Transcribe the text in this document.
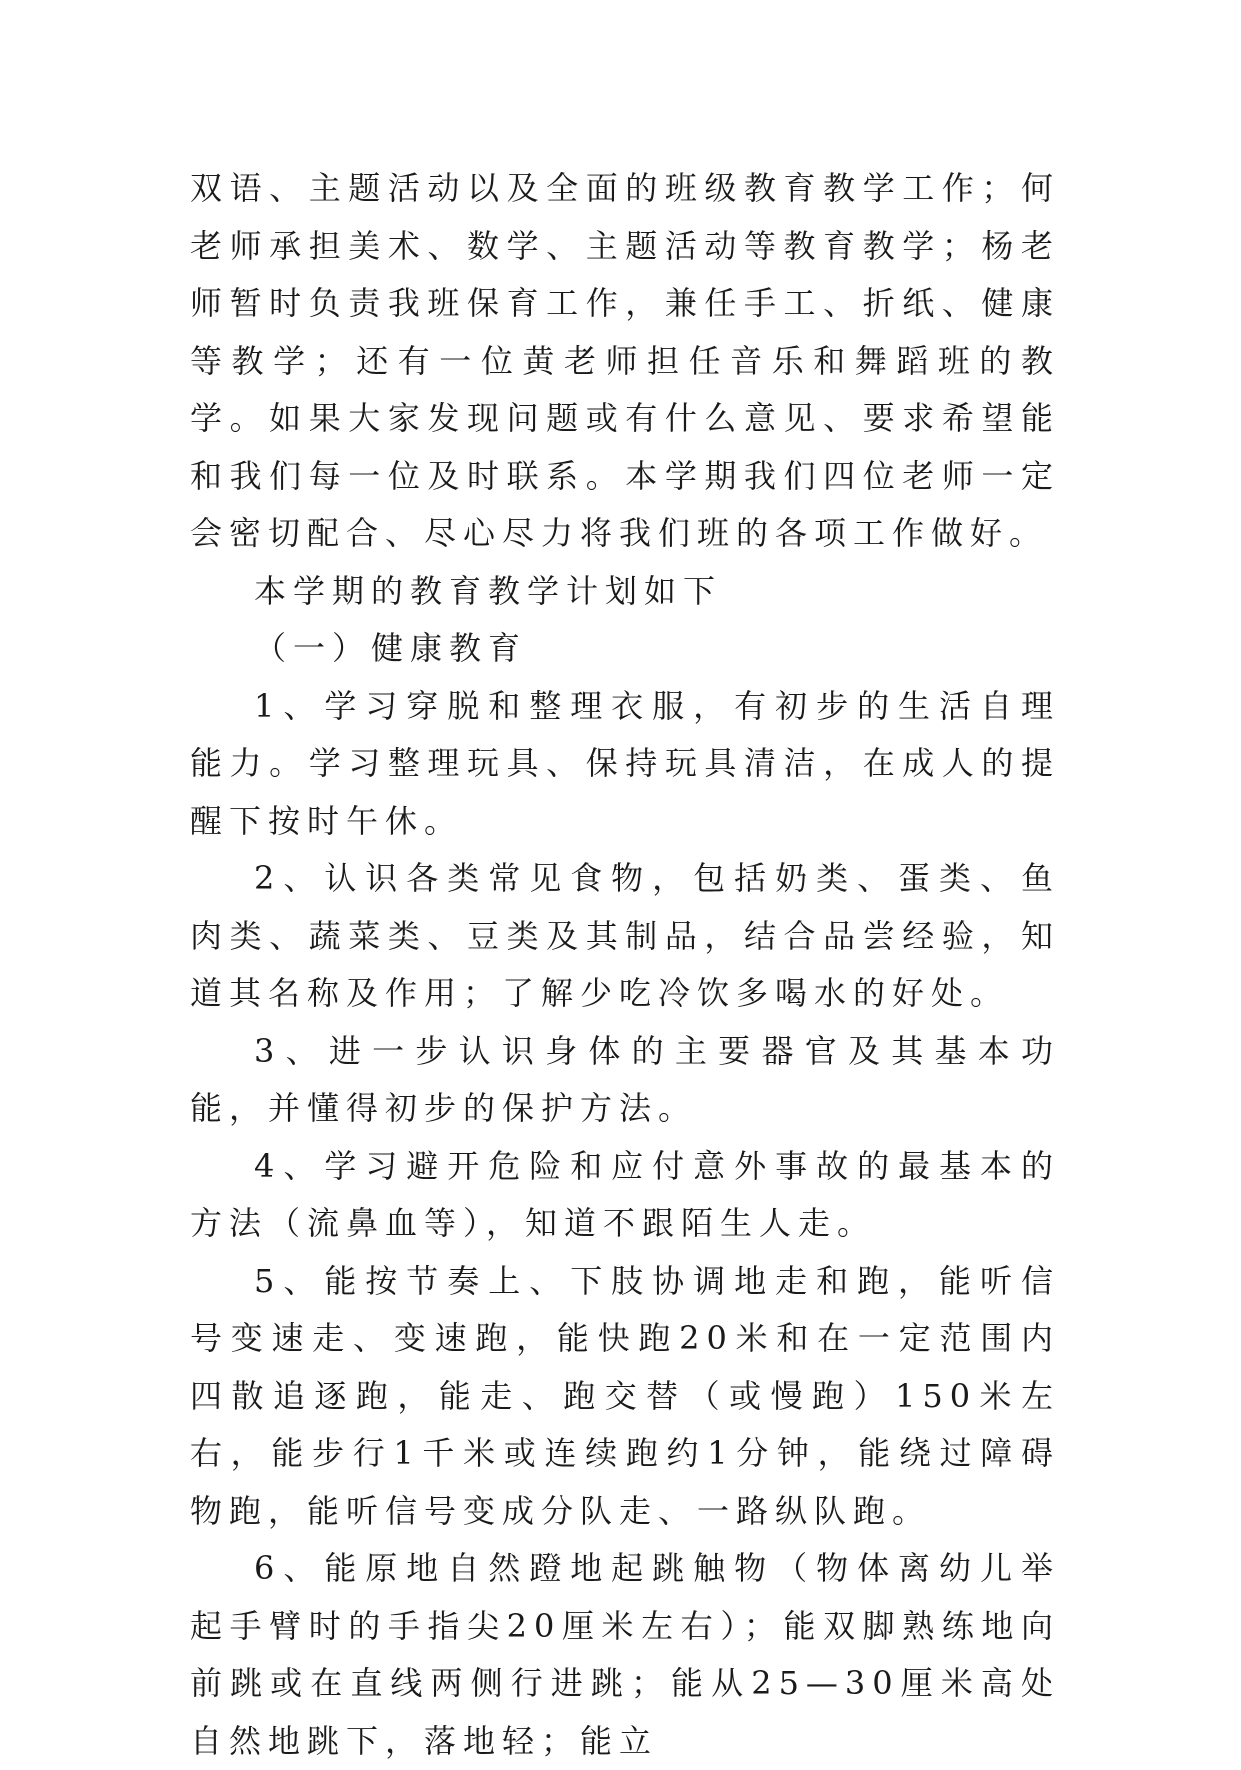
双语、主题活动以及全面的班级教育教学工作；何老师承担美术、数学、主题活动等教育教学；杨老师暂时负责我班保育工作，兼任手工、折纸、健康等教学；还有一位黄老师担任音乐和舞蹈班的教学。如果大家发现问题或有什么意见、要求希望能和我们每一位及时联系。本学期我们四位老师一定会密切配合、尽心尽力将我们班的各项工作做好。

本学期的教育教学计划如下

（一）健康教育

1、学习穿脱和整理衣服，有初步的生活自理能力。学习整理玩具、保持玩具清洁，在成人的提醒下按时午休。

2、认识各类常见食物，包括奶类、蛋类、鱼肉类、蔬菜类、豆类及其制品，结合品尝经验，知道其名称及作用；了解少吃冷饮多喝水的好处。

3、进一步认识身体的主要器官及其基本功能，并懂得初步的保护方法。

4、学习避开危险和应付意外事故的最基本的方法（流鼻血等），知道不跟陌生人走。

5、能按节奏上、下肢协调地走和跑，能听信号变速走、变速跑，能快跑20米和在一定范围内四散追逐跑，能走、跑交替（或慢跑）150米左右，能步行1千米或连续跑约1分钟，能绕过障碍物跑，能听信号变成分队走、一路纵队跑。

6、能原地自然蹬地起跳触物（物体离幼儿举起手臂时的手指尖20厘米左右）；能双脚熟练地向前跳或在直线两侧行进跳；能从25—30厘米高处自然地跳下，落地轻；能立
